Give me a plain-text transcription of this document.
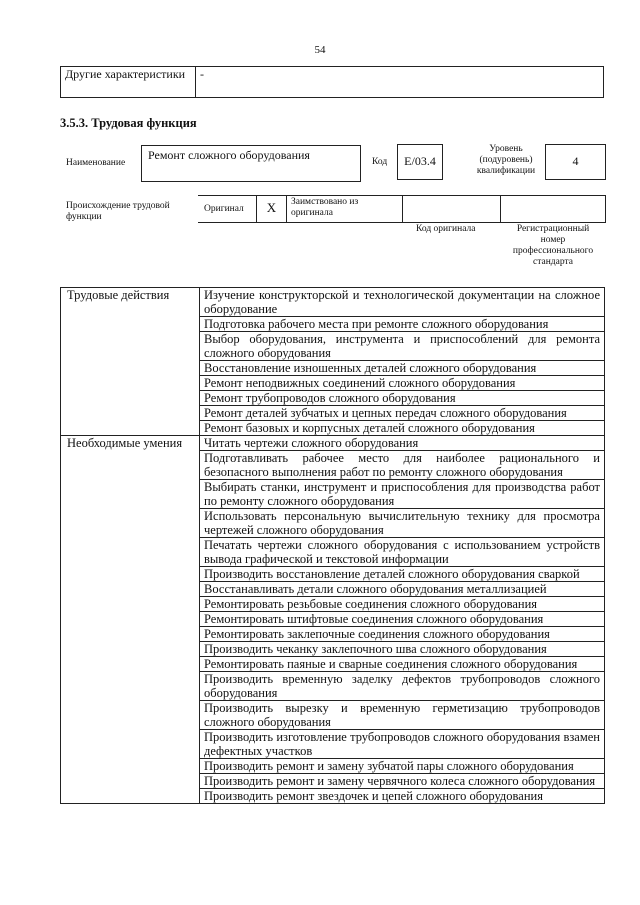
54
Другие характеристики	-
3.5.3. Трудовая функция
Наименование
Ремонт сложного оборудования	Код	E/03.4
Уровень (подуровень) квалификации
4
Происхождение трудовой функции
Оригинал	X	Заимствовано из оригинала
Код оригинала	Регистрационный номер профессионального стандарта
Трудовые действия	Изучение конструкторской и технологической документации на сложное оборудование
	Подготовка рабочего места при ремонте сложного оборудования
	Выбор оборудования, инструмента и приспособлений для ремонта сложного оборудования
	Восстановление изношенных деталей сложного оборудования
	Ремонт неподвижных соединений сложного оборудования
	Ремонт трубопроводов сложного оборудования
	Ремонт деталей зубчатых и цепных передач сложного оборудования
	Ремонт базовых и корпусных деталей сложного оборудования
Необходимые умения	Читать чертежи сложного оборудования
	Подготавливать рабочее место для наиболее рационального и безопасного выполнения работ по ремонту сложного оборудования
	Выбирать станки, инструмент и приспособления для производства работ по ремонту сложного оборудования
	Использовать персональную вычислительную технику для просмотра чертежей сложного оборудования
	Печатать чертежи сложного оборудования с использованием устройств вывода графической и текстовой информации
	Производить восстановление деталей сложного оборудования сваркой
	Восстанавливать детали сложного оборудования металлизацией
	Ремонтировать резьбовые соединения сложного оборудования
	Ремонтировать штифтовые соединения сложного оборудования
	Ремонтировать заклепочные соединения сложного оборудования
	Производить чеканку заклепочного шва сложного оборудования
	Ремонтировать паяные и сварные соединения сложного оборудования
	Производить временную заделку дефектов трубопроводов сложного оборудования
	Производить вырезку и временную герметизацию трубопроводов сложного оборудования
	Производить изготовление трубопроводов сложного оборудования взамен дефектных участков
	Производить ремонт и замену зубчатой пары сложного оборудования
	Производить ремонт и замену червячного колеса сложного оборудования
	Производить ремонт звездочек и цепей сложного оборудования
